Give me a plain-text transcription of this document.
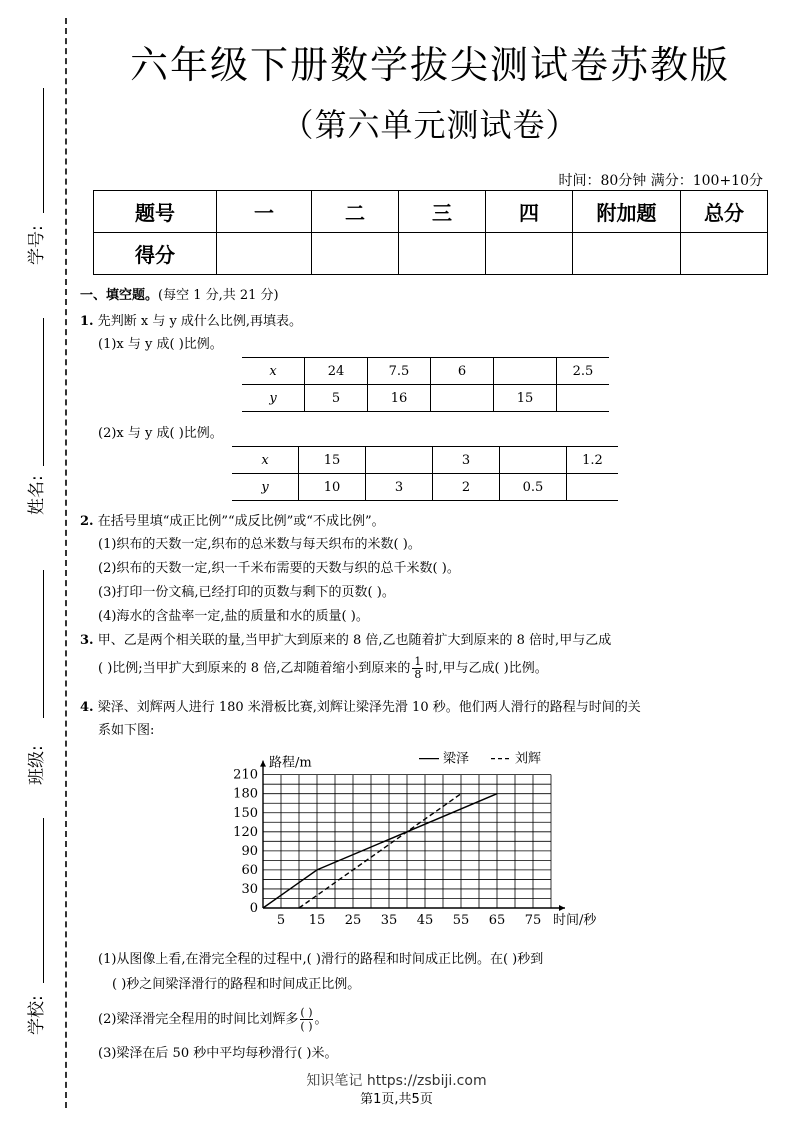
学号:
姓名:
班级:
学校:
六年级下册数学拔尖测试卷苏教版
（第六单元测试卷）
时间：80分钟 满分：100+10分
题号	一	二	三	四	附加题	总分
得分						
一、填空题。(每空 1 分,共 21 分)
1. 先判断 x 与 y 成什么比例,再填表。
(1)x 与 y 成( )比例。
x	24	7.5	6		2.5
y	5	16		15	
(2)x 与 y 成( )比例。
x	15		3		1.2
y	10	3	2	0.5	
2. 在括号里填“成正比例”“成反比例”或“不成比例”。
(1)织布的天数一定,织布的总米数与每天织布的米数( )。
(2)织布的天数一定,织一千米布需要的天数与织的总千米数( )。
(3)打印一份文稿,已经打印的页数与剩下的页数( )。
(4)海水的含盐率一定,盐的质量和水的质量( )。
3. 甲、乙是两个相关联的量,当甲扩大到原来的 8 倍,乙也随着扩大到原来的 8 倍时,甲与乙成
( )比例;当甲扩大到原来的 8 倍,乙却随着缩小到原来的 $\frac{1}{8}$ 时,甲与乙成( )比例。
4. 梁泽、刘辉两人进行 180 米滑板比赛,刘辉让梁泽先滑 10 秒。他们两人滑行的路程与时间的关
系如下图:
5 15 25 35 45 55 65 75
0
30
60
90
120
150
180
210
路程/m
时间/秒
梁泽	刘辉
(1)从图像上看,在滑完全程的过程中,( )滑行的路程和时间成正比例。在( )秒到
( )秒之间梁泽滑行的路程和时间成正比例。
(2)梁泽滑完全程用的时间比刘辉多 ( )
( ) 。
(3)梁泽在后 50 秒中平均每秒滑行( )米。
知识笔记 https://zsbiji.com
第1页,共5页
